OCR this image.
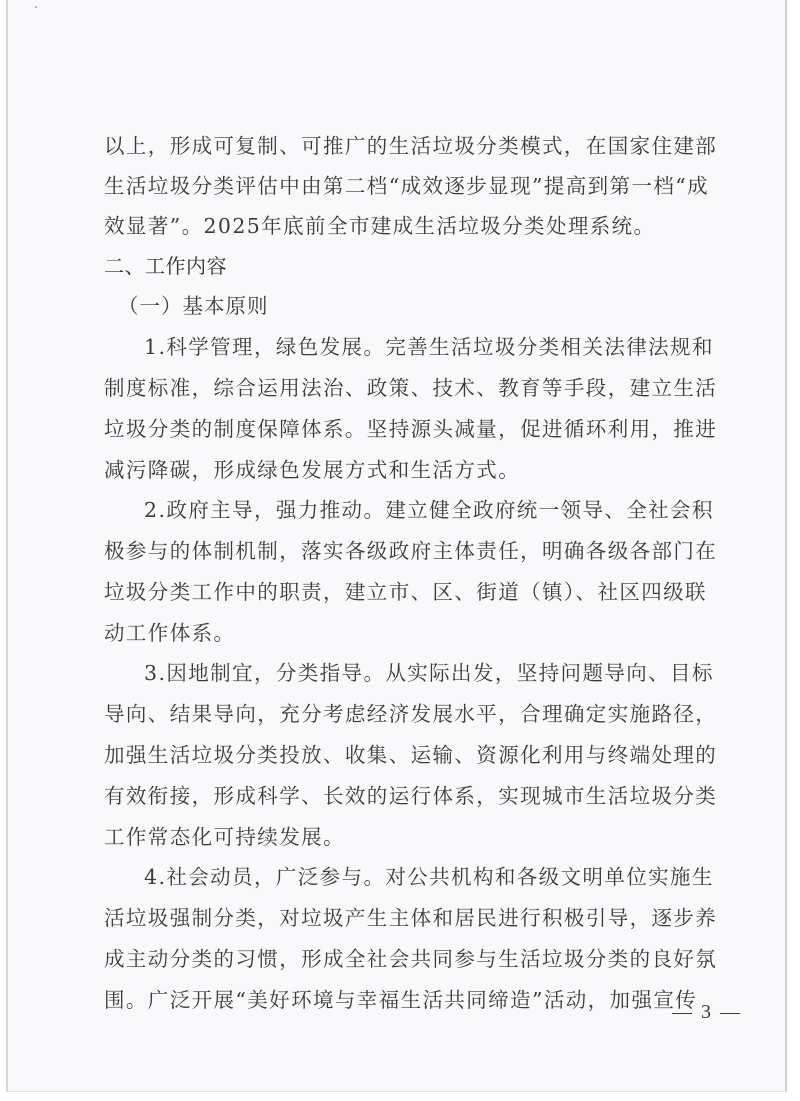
以上，形成可复制、可推广的生活垃圾分类模式，在国家住建部
生活垃圾分类评估中由第二档“成效逐步显现”提高到第一档“成
效显著”。2025年底前全市建成生活垃圾分类处理系统。
二、工作内容
（一）基本原则
1.科学管理，绿色发展。完善生活垃圾分类相关法律法规和
制度标准，综合运用法治、政策、技术、教育等手段，建立生活
垃圾分类的制度保障体系。坚持源头减量，促进循环利用，推进
减污降碳，形成绿色发展方式和生活方式。
2.政府主导，强力推动。建立健全政府统一领导、全社会积
极参与的体制机制，落实各级政府主体责任，明确各级各部门在
垃圾分类工作中的职责，建立市、区、街道（镇）、社区四级联
动工作体系。
3.因地制宜，分类指导。从实际出发，坚持问题导向、目标
导向、结果导向，充分考虑经济发展水平，合理确定实施路径，
加强生活垃圾分类投放、收集、运输、资源化利用与终端处理的
有效衔接，形成科学、长效的运行体系，实现城市生活垃圾分类
工作常态化可持续发展。
4.社会动员，广泛参与。对公共机构和各级文明单位实施生
活垃圾强制分类，对垃圾产生主体和居民进行积极引导，逐步养
成主动分类的习惯，形成全社会共同参与生活垃圾分类的良好氛
围。广泛开展“美好环境与幸福生活共同缔造”活动，加强宣传
— 3 —
